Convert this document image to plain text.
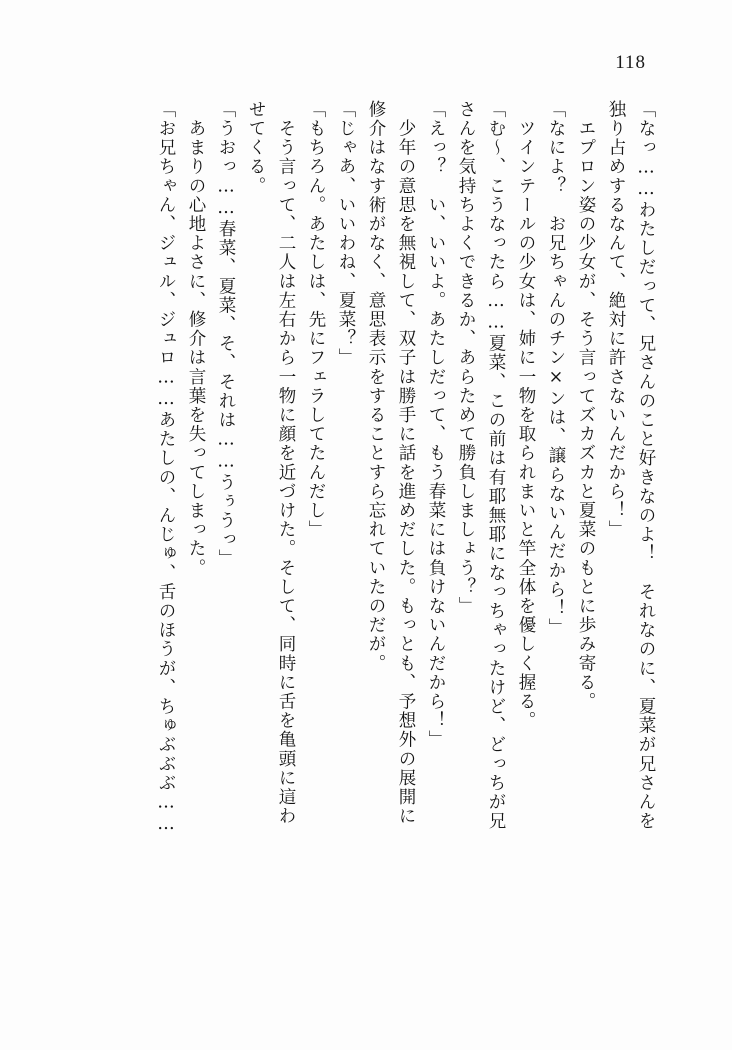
118
「なっ……わたしだって、兄さんのこと好きなのよ！　それなのに、夏菜が兄さんを
独り占めするなんて、絶対に許さないんだから！」
　エプロン姿の少女が、そう言ってズカズカと夏菜のもとに歩み寄る。
「なによ？　お兄ちゃんのチン×ンは、譲らないんだから！」
　ツインテールの少女は、姉に一物を取られまいと竿全体を優しく握る。
「む〜、こうなったら……夏菜、この前は有耶無耶になっちゃったけど、どっちが兄
さんを気持ちよくできるか、あらためて勝負しましょう？」
「えっ？　い、いいよ。あたしだって、もう春菜には負けないんだから！」
　少年の意思を無視して、双子は勝手に話を進めだした。もっとも、予想外の展開に
修介はなす術がなく、意思表示をすることすら忘れていたのだが。
「じゃあ、いいわね、夏菜？」
「もちろん。あたしは、先にフェラしてたんだし」
　そう言って、二人は左右から一物に顔を近づけた。そして、同時に舌を亀頭に這わ
せてくる。
「うおっ……春菜、夏菜、そ、それは……うぅうっ」
　あまりの心地よさに、修介は言葉を失ってしまった。
「お兄ちゃん、ジュル、ジュロ……あたしの、んじゅ、舌のほうが、ちゅぶぶぶ……
